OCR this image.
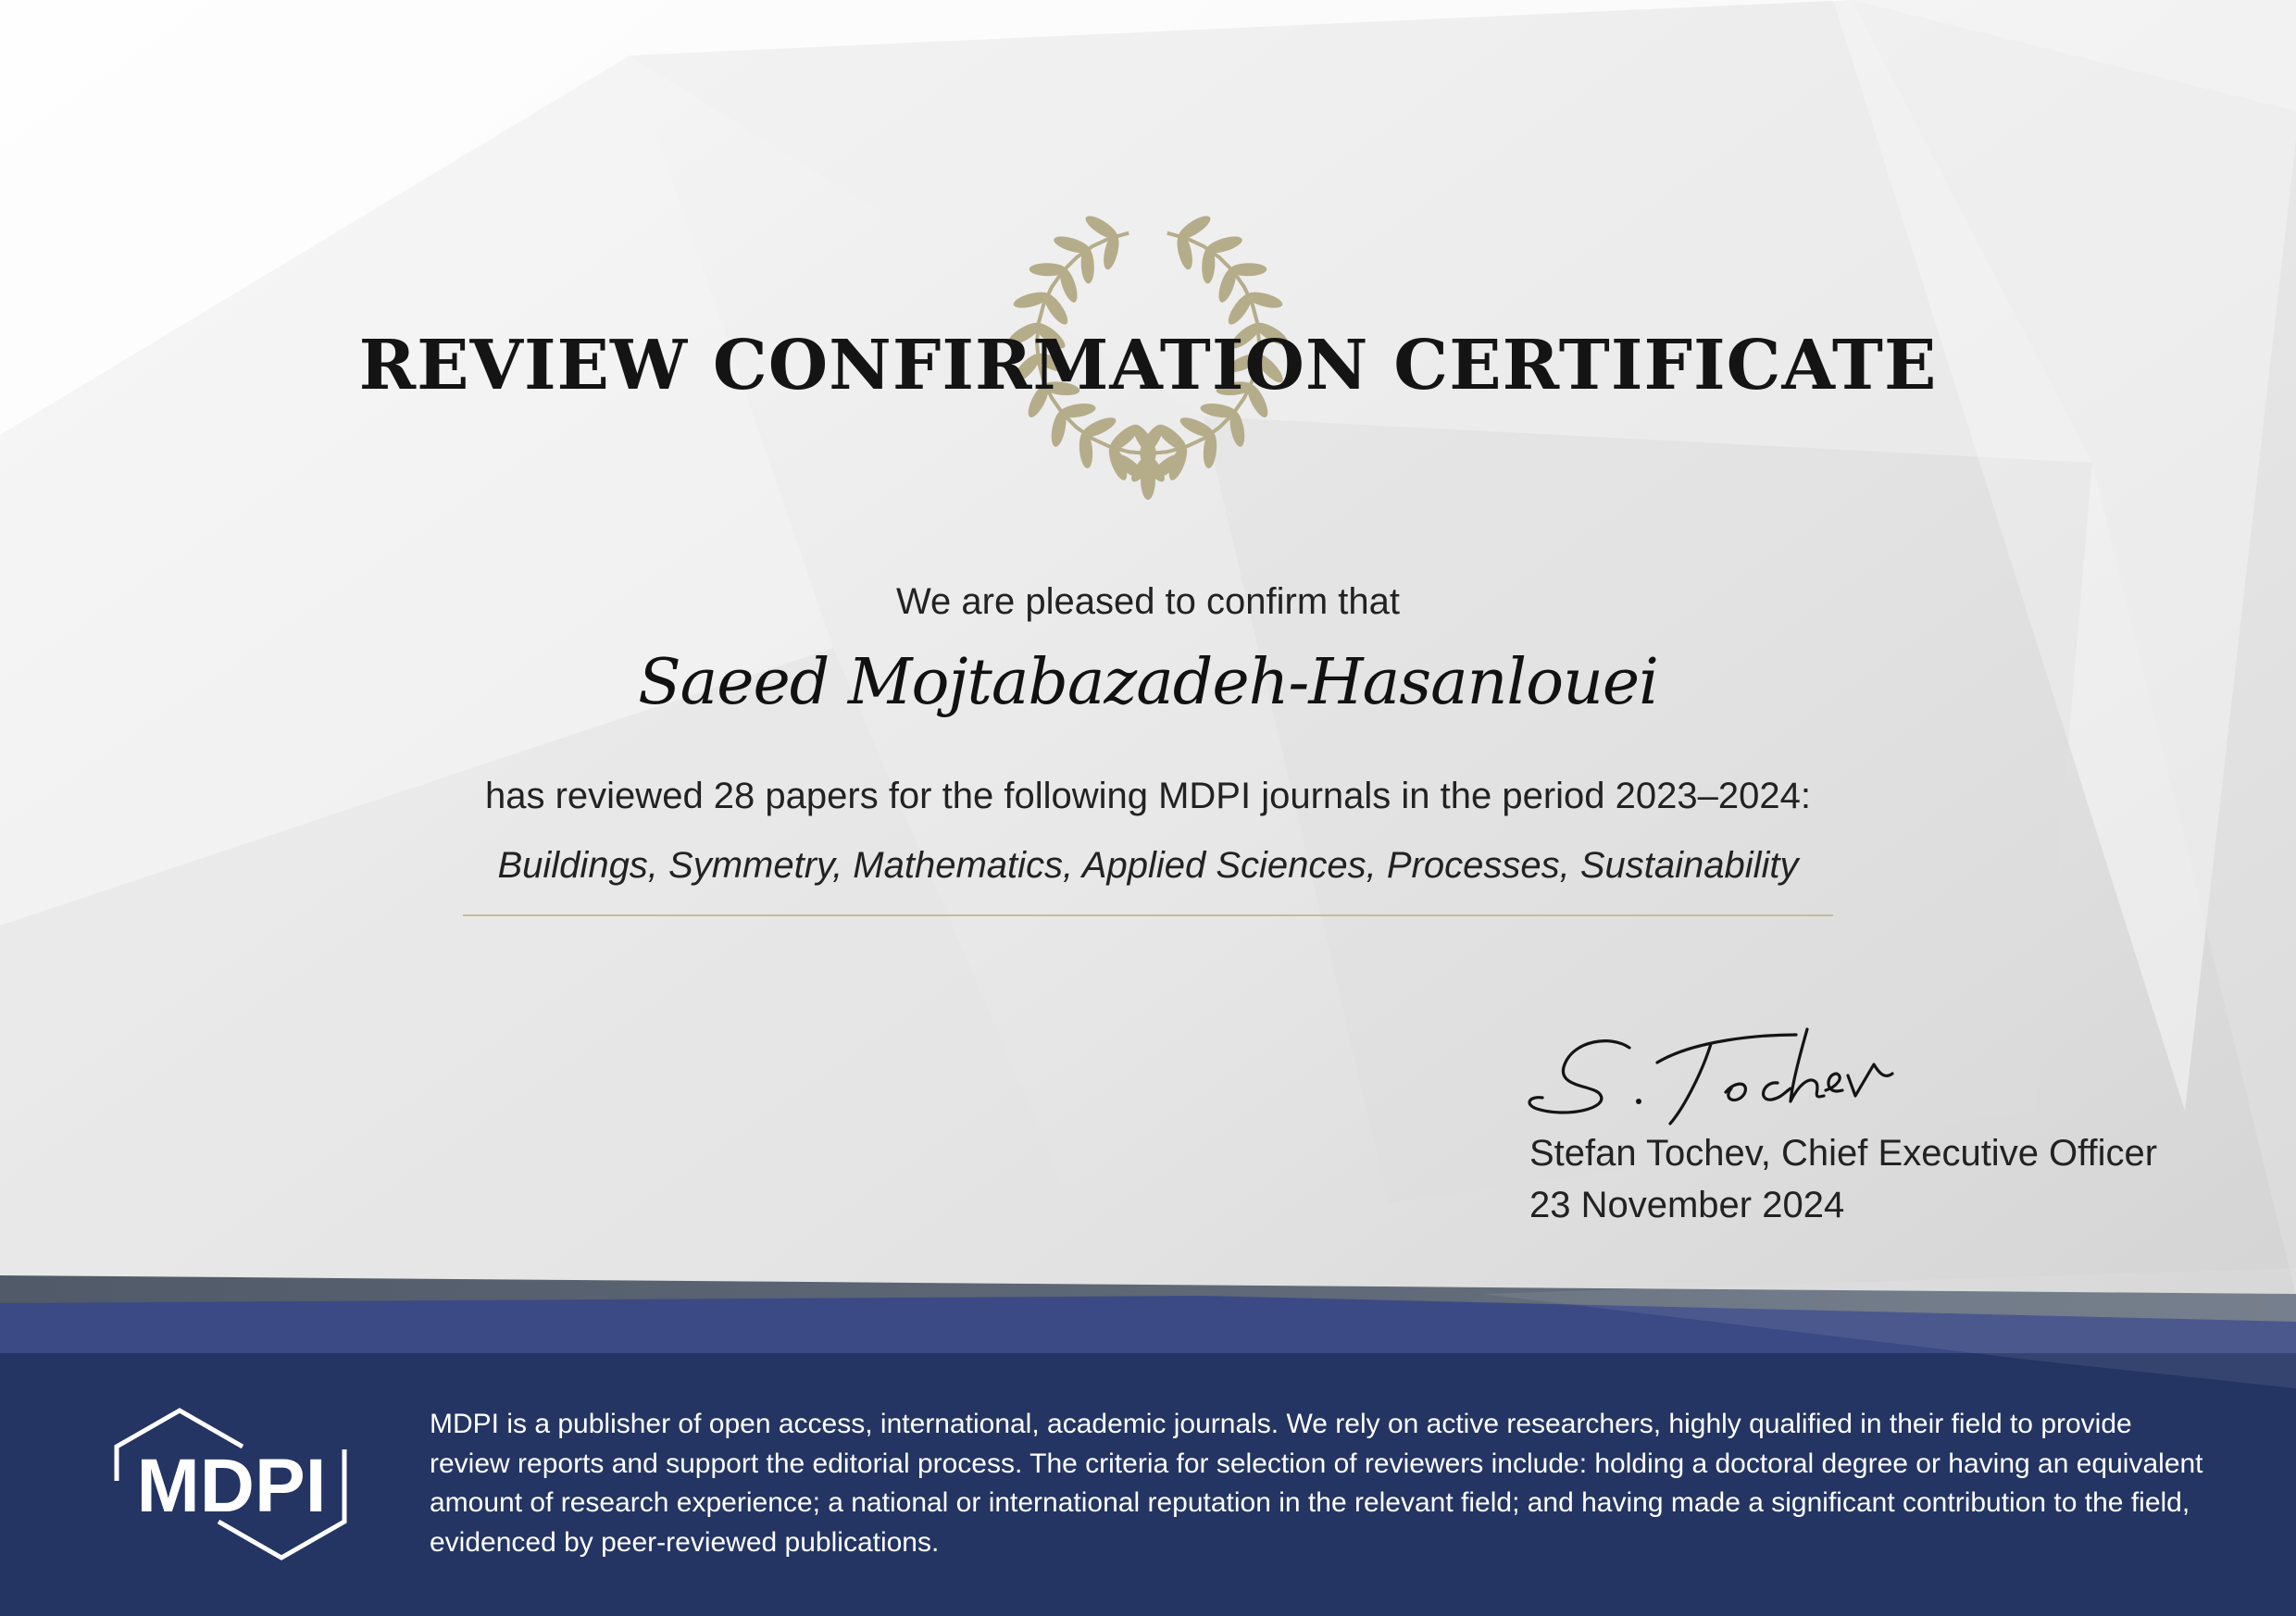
MDPI
REVIEW CONFIRMATION CERTIFICATE
We are pleased to confirm that
Saeed Mojtabazadeh-Hasanlouei
has reviewed 28 papers for the following MDPI journals in the period 2023–2024:
Buildings, Symmetry, Mathematics, Applied Sciences, Processes, Sustainability
Stefan Tochev, Chief Executive Officer
23 November 2024
MDPI is a publisher of open access, international, academic journals. We rely on active researchers, highly qualified in their field to provide review reports and support the editorial process. The criteria for selection of reviewers include: holding a doctoral degree or having an equivalent amount of research experience; a national or international reputation in the relevant field; and having made a significant contribution to the field, evidenced by peer-reviewed publications.
